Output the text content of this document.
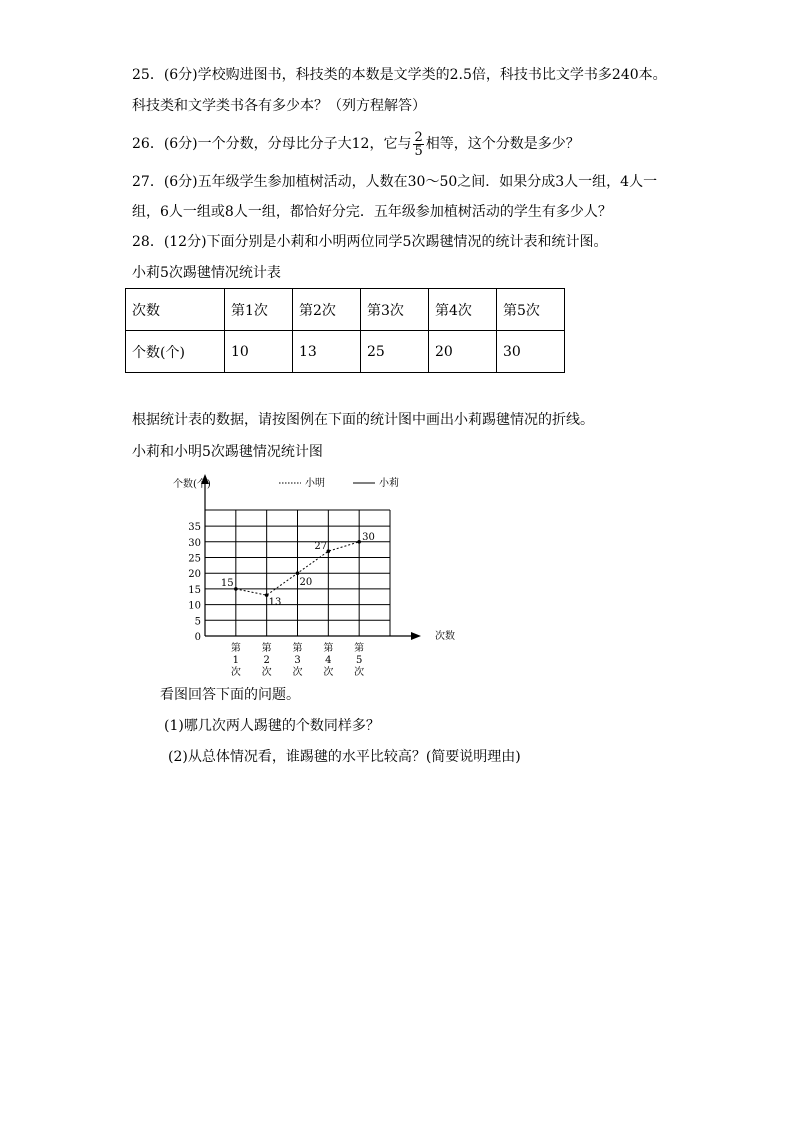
25．(6分)学校购进图书，科技类的本数是文学类的2.5倍，科技书比文学书多240本。
科技类和文学类书各有多少本？（列方程解答）
26．(6分)一个分数，分母比分子大12，它与 $\frac{2}{5}$ 相等，这个分数是多少？
27．(6分)五年级学生参加植树活动，人数在30～50之间．如果分成3人一组，4人一
组，6人一组或8人一组，都恰好分完．五年级参加植树活动的学生有多少人？
28．(12分)下面分别是小莉和小明两位同学5次踢毽情况的统计表和统计图。
小莉5次踢毽情况统计表
次数	第1次	第2次	第3次	第4次	第5次
个数(个)	10	13	25	20	30
根据统计表的数据，请按图例在下面的统计图中画出小莉踢毽情况的折线。
小莉和小明5次踢毽情况统计图
0
5
10
15
20
25
30
35
个数(个)
次数
小明	小莉
第
1
次
第
2
次
第
3
次
第
4
次
第
5
次
15
13
20
27
30
看图回答下面的问题。
(1)哪几次两人踢毽的个数同样多？
(2)从总体情况看，谁踢毽的水平比较高？(简要说明理由)
